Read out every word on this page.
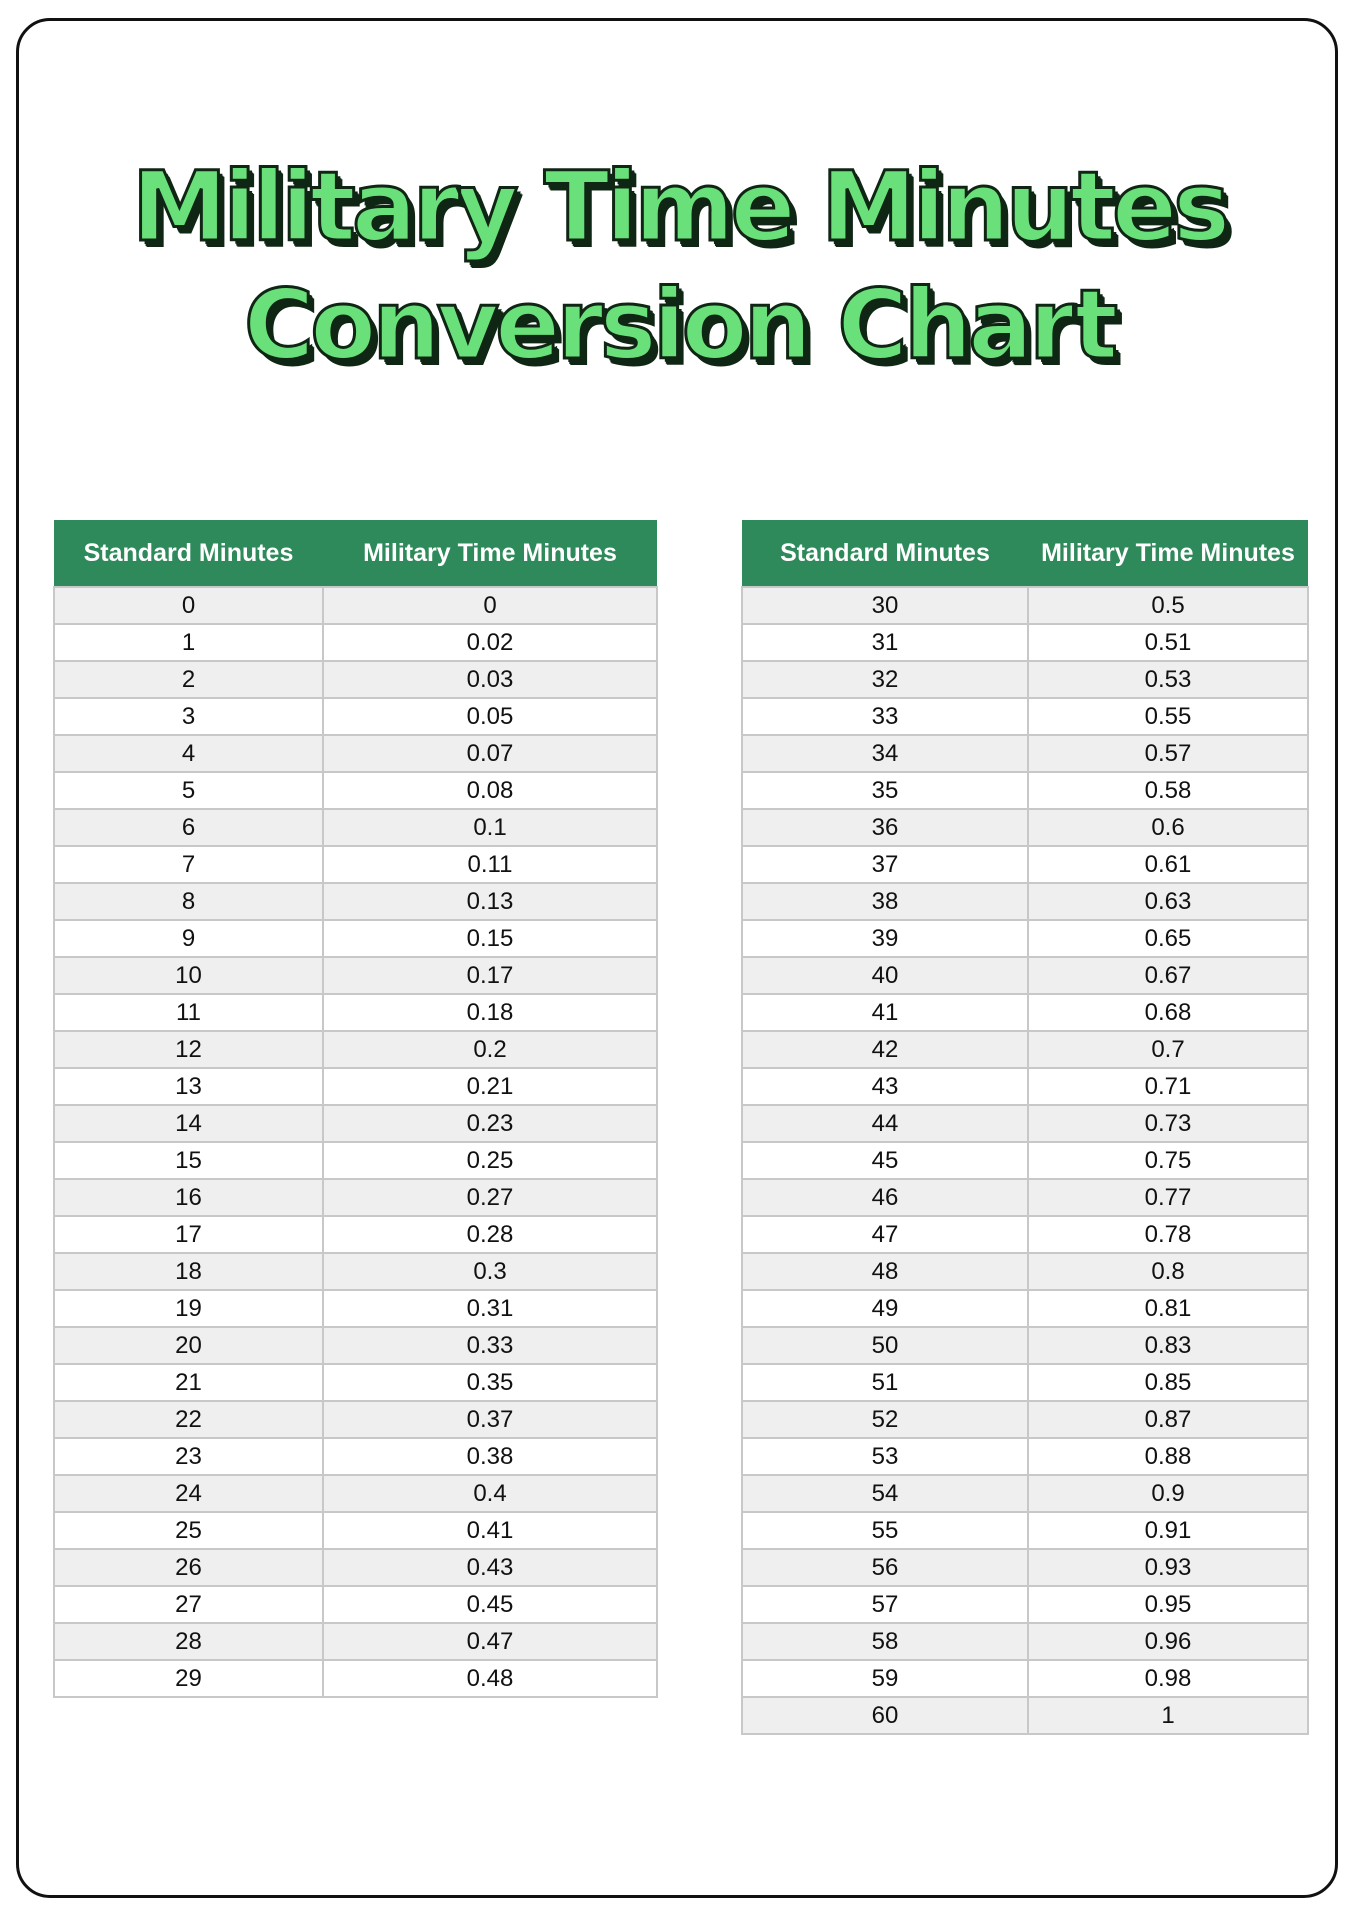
Military Time Minutes
Conversion Chart
Standard Minutes	Military Time Minutes
0	0
1	0.02
2	0.03
3	0.05
4	0.07
5	0.08
6	0.1
7	0.11
8	0.13
9	0.15
10	0.17
11	0.18
12	0.2
13	0.21
14	0.23
15	0.25
16	0.27
17	0.28
18	0.3
19	0.31
20	0.33
21	0.35
22	0.37
23	0.38
24	0.4
25	0.41
26	0.43
27	0.45
28	0.47
29	0.48
Standard Minutes	Military Time Minutes
30	0.5
31	0.51
32	0.53
33	0.55
34	0.57
35	0.58
36	0.6
37	0.61
38	0.63
39	0.65
40	0.67
41	0.68
42	0.7
43	0.71
44	0.73
45	0.75
46	0.77
47	0.78
48	0.8
49	0.81
50	0.83
51	0.85
52	0.87
53	0.88
54	0.9
55	0.91
56	0.93
57	0.95
58	0.96
59	0.98
60	1
